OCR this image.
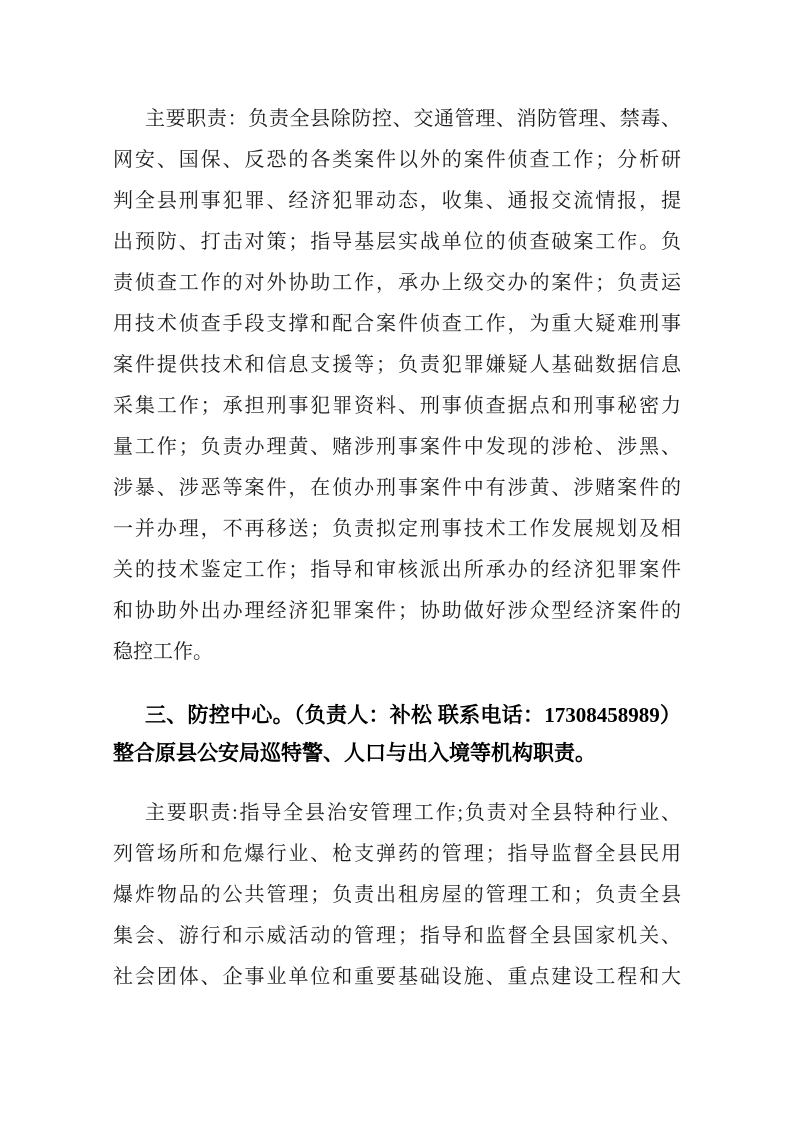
主要职责：负责全县除防控、交通管理、消防管理、禁毒、
网安、国保、反恐的各类案件以外的案件侦查工作；分析研
判全县刑事犯罪、经济犯罪动态，收集、通报交流情报，提
出预防、打击对策；指导基层实战单位的侦查破案工作。负
责侦查工作的对外协助工作，承办上级交办的案件；负责运
用技术侦查手段支撑和配合案件侦查工作，为重大疑难刑事
案件提供技术和信息支援等；负责犯罪嫌疑人基础数据信息
采集工作；承担刑事犯罪资料、刑事侦查据点和刑事秘密力
量工作；负责办理黄、赌涉刑事案件中发现的涉枪、涉黑、
涉暴、涉恶等案件，在侦办刑事案件中有涉黄、涉赌案件的
一并办理，不再移送；负责拟定刑事技术工作发展规划及相
关的技术鉴定工作；指导和审核派出所承办的经济犯罪案件
和协助外出办理经济犯罪案件；协助做好涉众型经济案件的
稳控工作。
三、防控中心。（负责人：补松 联系电话：17308458989）
整合原县公安局巡特警、人口与出入境等机构职责。
主要职责:指导全县治安管理工作;负责对全县特种行业、
列管场所和危爆行业、枪支弹药的管理；指导监督全县民用
爆炸物品的公共管理；负责出租房屋的管理工和；负责全县
集会、游行和示威活动的管理；指导和监督全县国家机关、
社会团体、企事业单位和重要基础设施、重点建设工程和大
